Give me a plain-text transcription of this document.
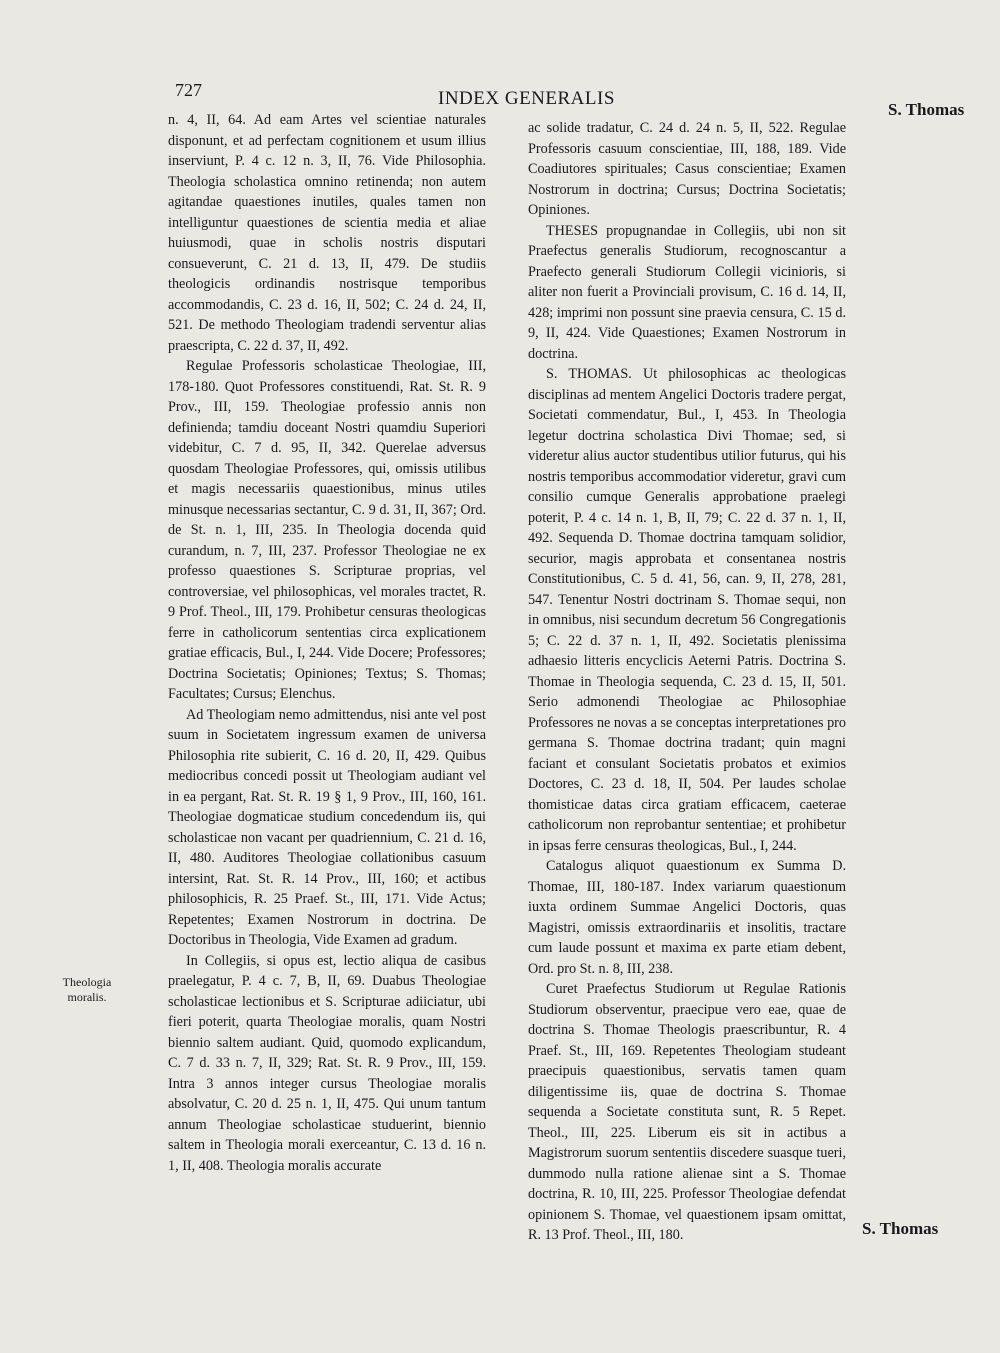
727	INDEX GENERALIS
S. Thomas
Theologia
moralis.

n. 4, II, 64. Ad eam Artes vel scientiae naturales disponunt, et ad perfectam cognitionem et usum illius inserviunt, P. 4 c. 12 n. 3, II, 76. Vide Philosophia. Theologia scholastica omnino retinenda; non autem agitandae quaestiones inutiles, quales tamen non intelliguntur quaestiones de scientia media et aliae huiusmodi, quae in scholis nostris disputari consueverunt, C. 21 d. 13, II, 479. De studiis theologicis ordinandis nostrisque temporibus accommodandis, C. 23 d. 16, II, 502; C. 24 d. 24, II, 521. De methodo Theologiam tradendi serventur alias praescripta, C. 22 d. 37, II, 492.

Regulae Professoris scholasticae Theologiae, III, 178-180. Quot Professores constituendi, Rat. St. R. 9 Prov., III, 159. Theologiae professio annis non definienda; tamdiu doceant Nostri quamdiu Superiori videbitur, C. 7 d. 95, II, 342. Querelae adversus quosdam Theologiae Professores, qui, omissis utilibus et magis necessariis quaestionibus, minus utiles minusque necessarias sectantur, C. 9 d. 31, II, 367; Ord. de St. n. 1, III, 235. In Theologia docenda quid curandum, n. 7, III, 237. Professor Theologiae ne ex professo quaestiones S. Scripturae proprias, vel controversiae, vel philosophicas, vel morales tractet, R. 9 Prof. Theol., III, 179. Prohibetur censuras theologicas ferre in catholicorum sententias circa explicationem gratiae efficacis, Bul., I, 244. Vide Docere; Professores; Doctrina Societatis; Opiniones; Textus; S. Thomas; Facultates; Cursus; Elenchus.

Ad Theologiam nemo admittendus, nisi ante vel post suum in Societatem ingressum examen de universa Philosophia rite subierit, C. 16 d. 20, II, 429. Quibus mediocribus concedi possit ut Theologiam audiant vel in ea pergant, Rat. St. R. 19 § 1, 9 Prov., III, 160, 161. Theologiae dogmaticae studium concedendum iis, qui scholasticae non vacant per quadriennium, C. 21 d. 16, II, 480. Auditores Theologiae collationibus casuum intersint, Rat. St. R. 14 Prov., III, 160; et actibus philosophicis, R. 25 Praef. St., III, 171. Vide Actus; Repetentes; Examen Nostrorum in doctrina. De Doctoribus in Theologia, Vide Examen ad gradum.

In Collegiis, si opus est, lectio aliqua de casibus praelegatur, P. 4 c. 7, B, II, 69. Duabus Theologiae scholasticae lectionibus et S. Scripturae adiiciatur, ubi fieri poterit, quarta Theologiae moralis, quam Nostri biennio saltem audiant. Quid, quomodo explicandum, C. 7 d. 33 n. 7, II, 329; Rat. St. R. 9 Prov., III, 159. Intra 3 annos integer cursus Theologiae moralis absolvatur, C. 20 d. 25 n. 1, II, 475. Qui unum tantum annum Theologiae scholasticae studuerint, biennio saltem in Theologia morali exerceantur, C. 13 d. 16 n. 1, II, 408. Theologia moralis accurate

ac solide tradatur, C. 24 d. 24 n. 5, II, 522. Regulae Professoris casuum conscientiae, III, 188, 189. Vide Coadiutores spirituales; Casus conscientiae; Examen Nostrorum in doctrina; Cursus; Doctrina Societatis; Opiniones.

THESES propugnandae in Collegiis, ubi non sit Praefectus generalis Studiorum, recognoscantur a Praefecto generali Studiorum Collegii vicinioris, si aliter non fuerit a Provinciali provisum, C. 16 d. 14, II, 428; imprimi non possunt sine praevia censura, C. 15 d. 9, II, 424. Vide Quaestiones; Examen Nostrorum in doctrina.

S. THOMAS. Ut philosophicas ac theologicas disciplinas ad mentem Angelici Doctoris tradere pergat, Societati commendatur, Bul., I, 453. In Theologia legetur doctrina scholastica Divi Thomae; sed, si videretur alius auctor studentibus utilior futurus, qui his nostris temporibus accommodatior videretur, gravi cum consilio cumque Generalis approbatione praelegi poterit, P. 4 c. 14 n. 1, B, II, 79; C. 22 d. 37 n. 1, II, 492. Sequenda D. Thomae doctrina tamquam solidior, securior, magis approbata et consentanea nostris Constitutionibus, C. 5 d. 41, 56, can. 9, II, 278, 281, 547. Tenentur Nostri doctrinam S. Thomae sequi, non in omnibus, nisi secundum decretum 56 Congregationis 5; C. 22 d. 37 n. 1, II, 492. Societatis plenissima adhaesio litteris encyclicis Aeterni Patris. Doctrina S. Thomae in Theologia sequenda, C. 23 d. 15, II, 501. Serio admonendi Theologiae ac Philosophiae Professores ne novas a se conceptas interpretationes pro germana S. Thomae doctrina tradant; quin magni faciant et consulant Societatis probatos et eximios Doctores, C. 23 d. 18, II, 504. Per laudes scholae thomisticae datas circa gratiam efficacem, caeterae catholicorum non reprobantur sententiae; et prohibetur in ipsas ferre censuras theologicas, Bul., I, 244.

Catalogus aliquot quaestionum ex Summa D. Thomae, III, 180-187. Index variarum quaestionum iuxta ordinem Summae Angelici Doctoris, quas Magistri, omissis extraordinariis et insolitis, tractare cum laude possunt et maxima ex parte etiam debent, Ord. pro St. n. 8, III, 238.

Curet Praefectus Studiorum ut Regulae Rationis Studiorum observentur, praecipue vero eae, quae de doctrina S. Thomae Theologis praescribuntur, R. 4 Praef. St., III, 169. Repetentes Theologiam studeant praecipuis quaestionibus, servatis tamen quam diligentissime iis, quae de doctrina S. Thomae sequenda a Societate constituta sunt, R. 5 Repet. Theol., III, 225. Liberum eis sit in actibus a Magistrorum suorum sententiis discedere suasque tueri, dummodo nulla ratione alienae sint a S. Thomae doctrina, R. 10, III, 225. Professor Theologiae defendat opinionem S. Thomae, vel quaestionem ipsam omittat, R. 13 Prof. Theol., III, 180.	S. Thomas
